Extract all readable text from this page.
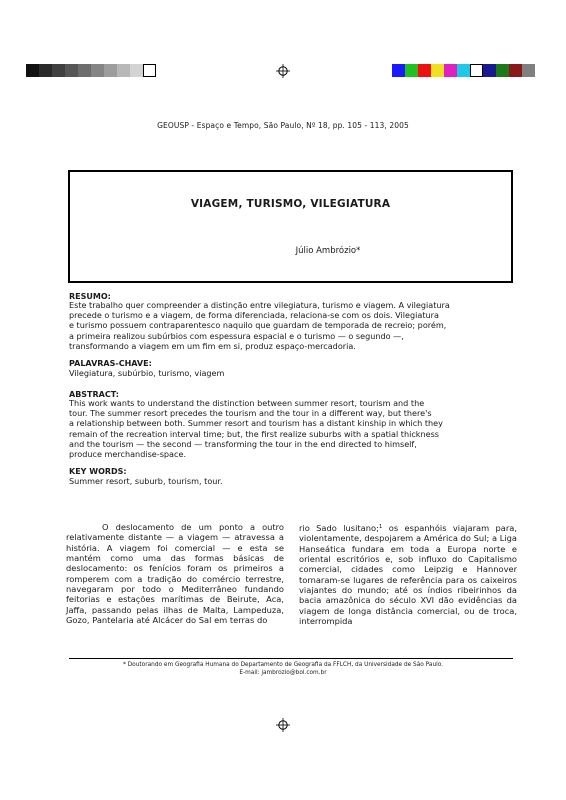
GEOUSP - Espaço e Tempo, São Paulo, Nº 18, pp. 105 - 113, 2005
VIAGEM, TURISMO, VILEGIATURA
Júlio Ambrózio*
RESUMO:
Este trabalho quer compreender a distinção entre vilegiatura, turismo e viagem. A vilegiatura
precede o turismo e a viagem, de forma diferenciada, relaciona-se com os dois. Vilegiatura
e turismo possuem contraparentesco naquilo que guardam de temporada de recreio; porém,
a primeira realizou subúrbios com espessura espacial e o turismo — o segundo —,
transformando a viagem em um fim em si, produz espaço-mercadoria.
PALAVRAS-CHAVE:
Vilegiatura, subúrbio, turismo, viagem
ABSTRACT:
This work wants to understand the distinction between summer resort, tourism and the
tour. The summer resort precedes the tourism and the tour in a different way, but there's
a relationship between both. Summer resort and tourism has a distant kinship in which they
remain of the recreation interval time; but, the first realize suburbs with a spatial thickness
and the tourism — the second — transforming the tour in the end directed to himself,
produce merchandise-space.
KEY WORDS:
Summer resort, suburb, tourism, tour.
O deslocamento de um ponto a outro relativamente distante — a viagem — atravessa a história. A viagem foi comercial — e esta se mantém como uma das formas básicas de deslocamento: os fenícios foram os primeiros a romperem com a tradição do comércio terrestre, navegaram por todo o Mediterrâneo fundando feitorias e estações marítimas de Beirute, Aca, Jaffa, passando pelas ilhas de Malta, Lampeduza, Gozo, Pantelaria até Alcácer do Sal em terras do
rio Sado lusitano;$^1$ os espanhóis viajaram para, violentamente, despojarem a América do Sul; a Liga Hanseática fundara em toda a Europa norte e oriental escritórios e, sob influxo do Capitalismo comercial, cidades como Leipzig e Hannover tornaram-se lugares de referência para os caixeiros viajantes do mundo; até os índios ribeirinhos da bacia amazônica do século XVI dão evidências da viagem de longa distância comercial, ou de troca, interrompida
* Doutorando em Geografia Humana do Departamento de Geografia da FFLCH, da Universidade de São Paulo.
E-mail: jambrozio@bol.com.br
